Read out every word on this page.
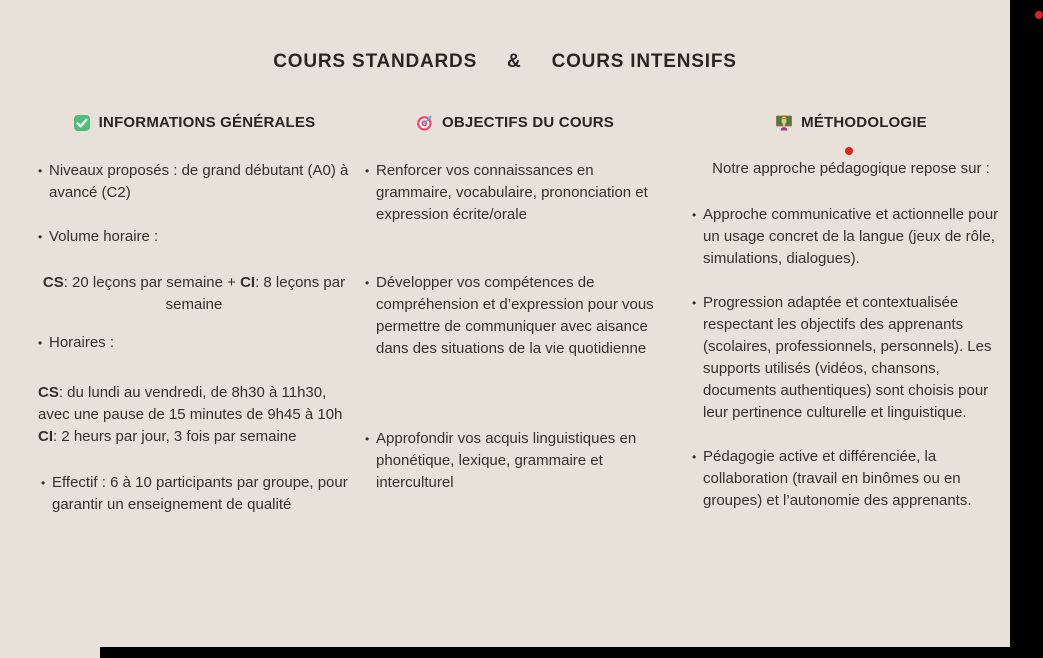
COURS STANDARDS & COURS INTENSIFS
INFORMATIONS GÉNÉRALES
• Niveaux proposés : de grand débutant (A0) à avancé (C2)
• Volume horaire :
CS: 20 leçons par semaine + CI: 8 leçons par semaine
• Horaires :
CS: du lundi au vendredi, de 8h30 à 11h30, avec une pause de 15 minutes de 9h45 à 10h
CI: 2 heurs par jour, 3 fois par semaine
• Effectif : 6 à 10 participants par groupe, pour garantir un enseignement de qualité
OBJECTIFS DU COURS
• Renforcer vos connaissances en grammaire, vocabulaire, prononciation et expression écrite/orale
• Développer vos compétences de compréhension et d’expression pour vous permettre de communiquer avec aisance dans des situations de la vie quotidienne
• Approfondir vos acquis linguistiques en phonétique, lexique, grammaire et interculturel
MÉTHODOLOGIE
Notre approche pédagogique repose sur :
• Approche communicative et actionnelle pour un usage concret de la langue (jeux de rôle, simulations, dialogues).
• Progression adaptée et contextualisée respectant les objectifs des apprenants (scolaires, professionnels, personnels). Les supports utilisés (vidéos, chansons, documents authentiques) sont choisis pour leur pertinence culturelle et linguistique.
• Pédagogie active et différenciée, la collaboration (travail en binômes ou en groupes) et l’autonomie des apprenants.
